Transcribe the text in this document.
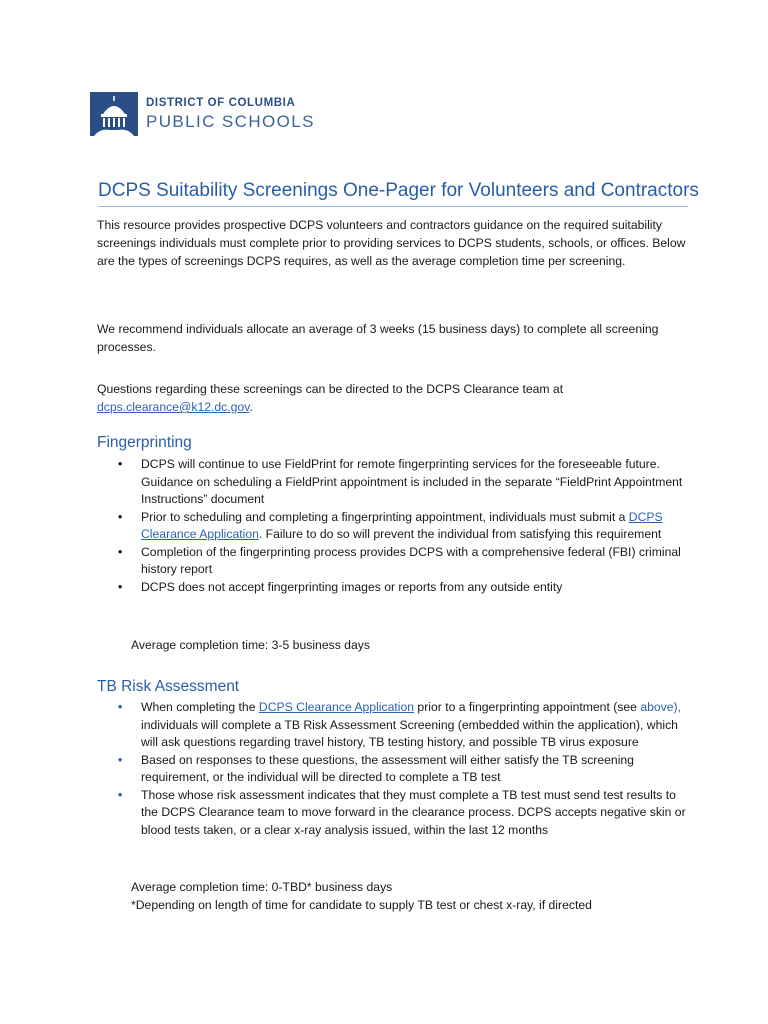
DISTRICT OF COLUMBIA
PUBLIC SCHOOLS
DCPS Suitability Screenings One-Pager for Volunteers and Contractors

This resource provides prospective DCPS volunteers and contractors guidance on the required suitability screenings individuals must complete prior to providing services to DCPS students, schools, or offices. Below are the types of screenings DCPS requires, as well as the average completion time per screening.

We recommend individuals allocate an average of 3 weeks (15 business days) to complete all screening processes.

Questions regarding these screenings can be directed to the DCPS Clearance team at
dcps.clearance@k12.dc.gov.

Fingerprinting
• DCPS will continue to use FieldPrint for remote fingerprinting services for the foreseeable future. Guidance on scheduling a FieldPrint appointment is included in the separate “FieldPrint Appointment Instructions” document
• Prior to scheduling and completing a fingerprinting appointment, individuals must submit a DCPS Clearance Application. Failure to do so will prevent the individual from satisfying this requirement
• Completion of the fingerprinting process provides DCPS with a comprehensive federal (FBI) criminal history report
• DCPS does not accept fingerprinting images or reports from any outside entity

Average completion time: 3-5 business days

TB Risk Assessment
• When completing the DCPS Clearance Application prior to a fingerprinting appointment (see above), individuals will complete a TB Risk Assessment Screening (embedded within the application), which will ask questions regarding travel history, TB testing history, and possible TB virus exposure
• Based on responses to these questions, the assessment will either satisfy the TB screening requirement, or the individual will be directed to complete a TB test
• Those whose risk assessment indicates that they must complete a TB test must send test results to the DCPS Clearance team to move forward in the clearance process. DCPS accepts negative skin or blood tests taken, or a clear x-ray analysis issued, within the last 12 months

Average completion time: 0-TBD* business days

*Depending on length of time for candidate to supply TB test or chest x-ray, if directed
